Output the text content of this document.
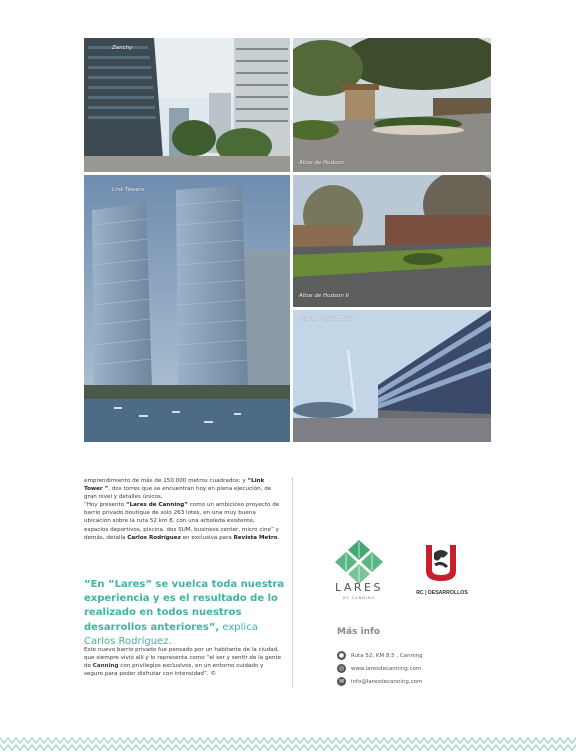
Zenchy
Altos de Hudson
Link Towers
Altos de Hudson II
Puerto Madero Este

emprendimiento de más de 150.000 metros cuadrados; y “Link Tower ”, dos torres que se encuentran hoy en plena ejecución, de gran nivel y detalles únicos.

“Hoy presento “Lares de Canning” como un ambicioso proyecto de barrio privado boutique de solo 263 lotes, en una muy buena ubicación sobre la ruta 52 km 8, con una arboleda existente, espacios deportivos, piscina, dos SUM, business center, micro cine” y demás, detalla Carlos Rodríguez en exclusiva para Revista Metro.

”En ”Lares” se vuelca toda nuestra experiencia y es el resultado de lo realizado en todos nuestros desarrollos anteriores”, explica Carlos Rodríguez.
Este nuevo barrio privado fue pensado por un habitante de la ciudad, que siempre vivió allí y lo representa como “el ser y sentir de la gente de Canning con privilegios exclusivos, en un entorno cuidado y seguro para poder disfrutar con intensidad”. ©
LARES
DE CANNING
RC | DESARROLLOS
Más info
●	Ruta 52, KM 8.5 , Canning
◎	www.laresdecanning.com
✉	info@laresdecanning.com
